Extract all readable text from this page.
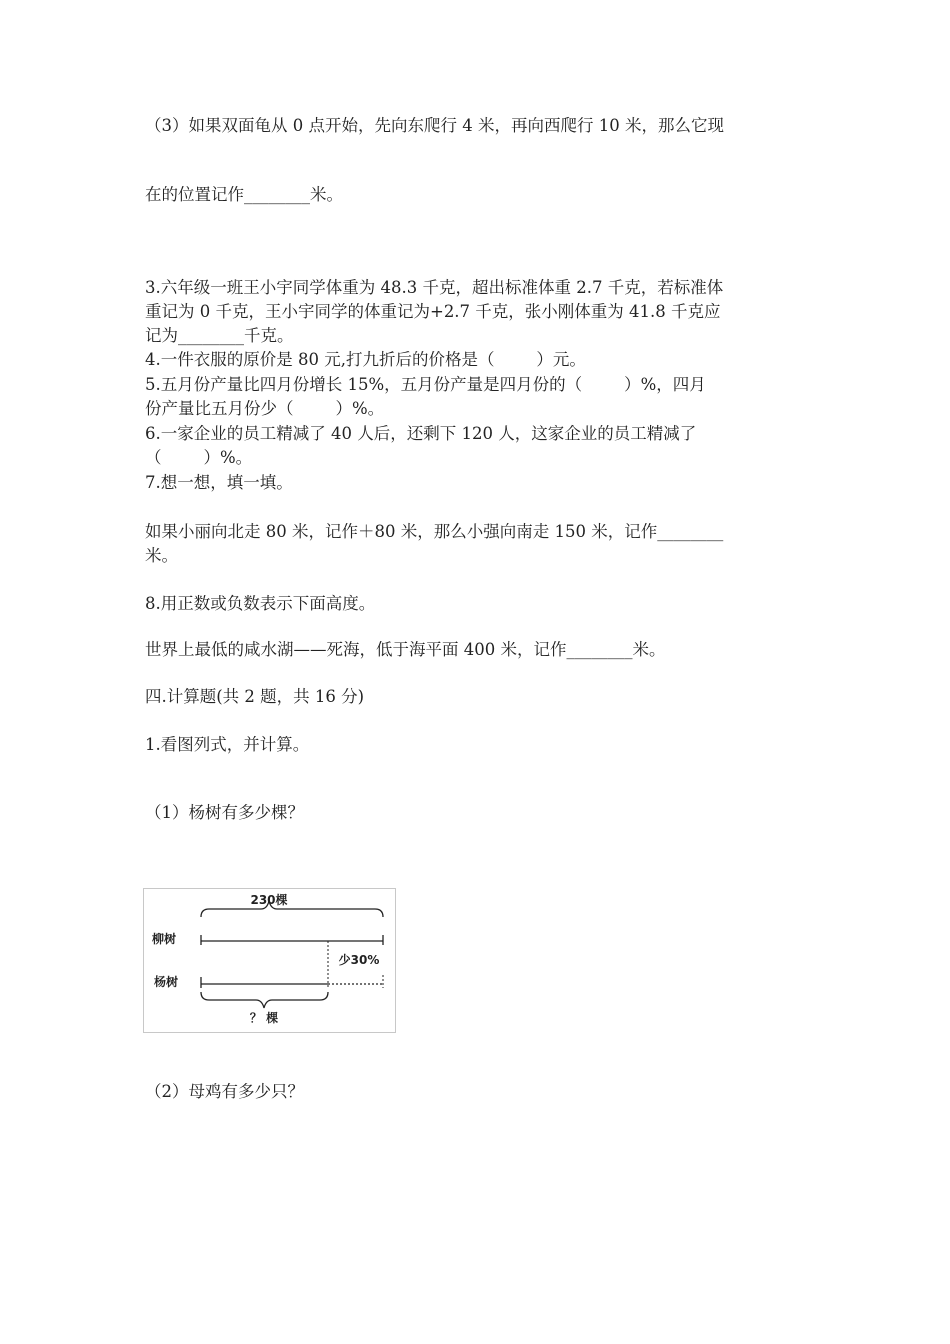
（3）如果双面龟从 0 点开始，先向东爬行 4 米，再向西爬行 10 米，那么它现
在的位置记作________米。
3.六年级一班王小宇同学体重为 48.3 千克，超出标准体重 2.7 千克，若标准体
重记为 0 千克，王小宇同学的体重记为+2.7 千克，张小刚体重为 41.8 千克应
记为________千克。
4.一件衣服的原价是 80 元,打九折后的价格是（        ）元。
5.五月份产量比四月份增长 15%，五月份产量是四月份的（        ）%，四月
份产量比五月份少（        ）%。
6.一家企业的员工精减了 40 人后，还剩下 120 人，这家企业的员工精减了
（        ）%。
7.想一想，填一填。
如果小丽向北走 80 米，记作＋80 米，那么小强向南走 150 米，记作________
米。
8.用正数或负数表示下面高度。
世界上最低的咸水湖——死海，低于海平面 400 米，记作________米。
四.计算题(共 2 题，共 16 分)
1.看图列式，并计算。
（1）杨树有多少棵？
230棵
柳树
杨树
少30%
？ 棵
（2）母鸡有多少只？
